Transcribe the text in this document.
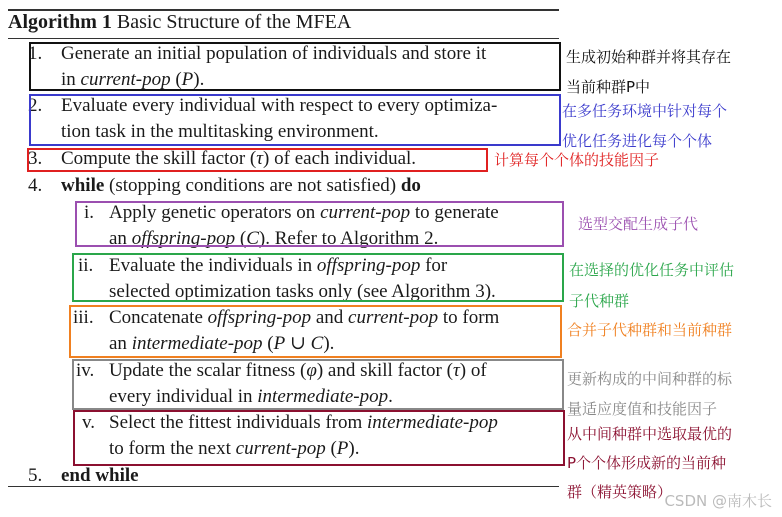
Algorithm 1 Basic Structure of the MFEA
1.
2.
3.
4.
i.
ii.
iii.
iv.
v.
5.
Generate an initial population of individuals and store it
in current-pop (P).
Evaluate every individual with respect to every optimiza-
tion task in the multitasking environment.
Compute the skill factor (τ) of each individual.
while (stopping conditions are not satisfied) do
Apply genetic operators on current-pop to generate
an offspring-pop (C). Refer to Algorithm 2.
Evaluate the individuals in offspring-pop for
selected optimization tasks only (see Algorithm 3).
Concatenate offspring-pop and current-pop to form
an intermediate-pop (P ∪ C).
Update the scalar fitness (φ) and skill factor (τ) of
every individual in intermediate-pop.
Select the fittest individuals from intermediate-pop
to form the next current-pop (P).
end while
生成初始种群并将其存在
当前种群P中
在多任务环境中针对每个
优化任务进化每个个体
计算每个个体的技能因子
选型交配生成子代
在选择的优化任务中评估
子代种群
合并子代种群和当前种群
更新构成的中间种群的标
量适应度值和技能因子
从中间种群中选取最优的
P个个体形成新的当前种
群（精英策略）
CSDN @南木长
